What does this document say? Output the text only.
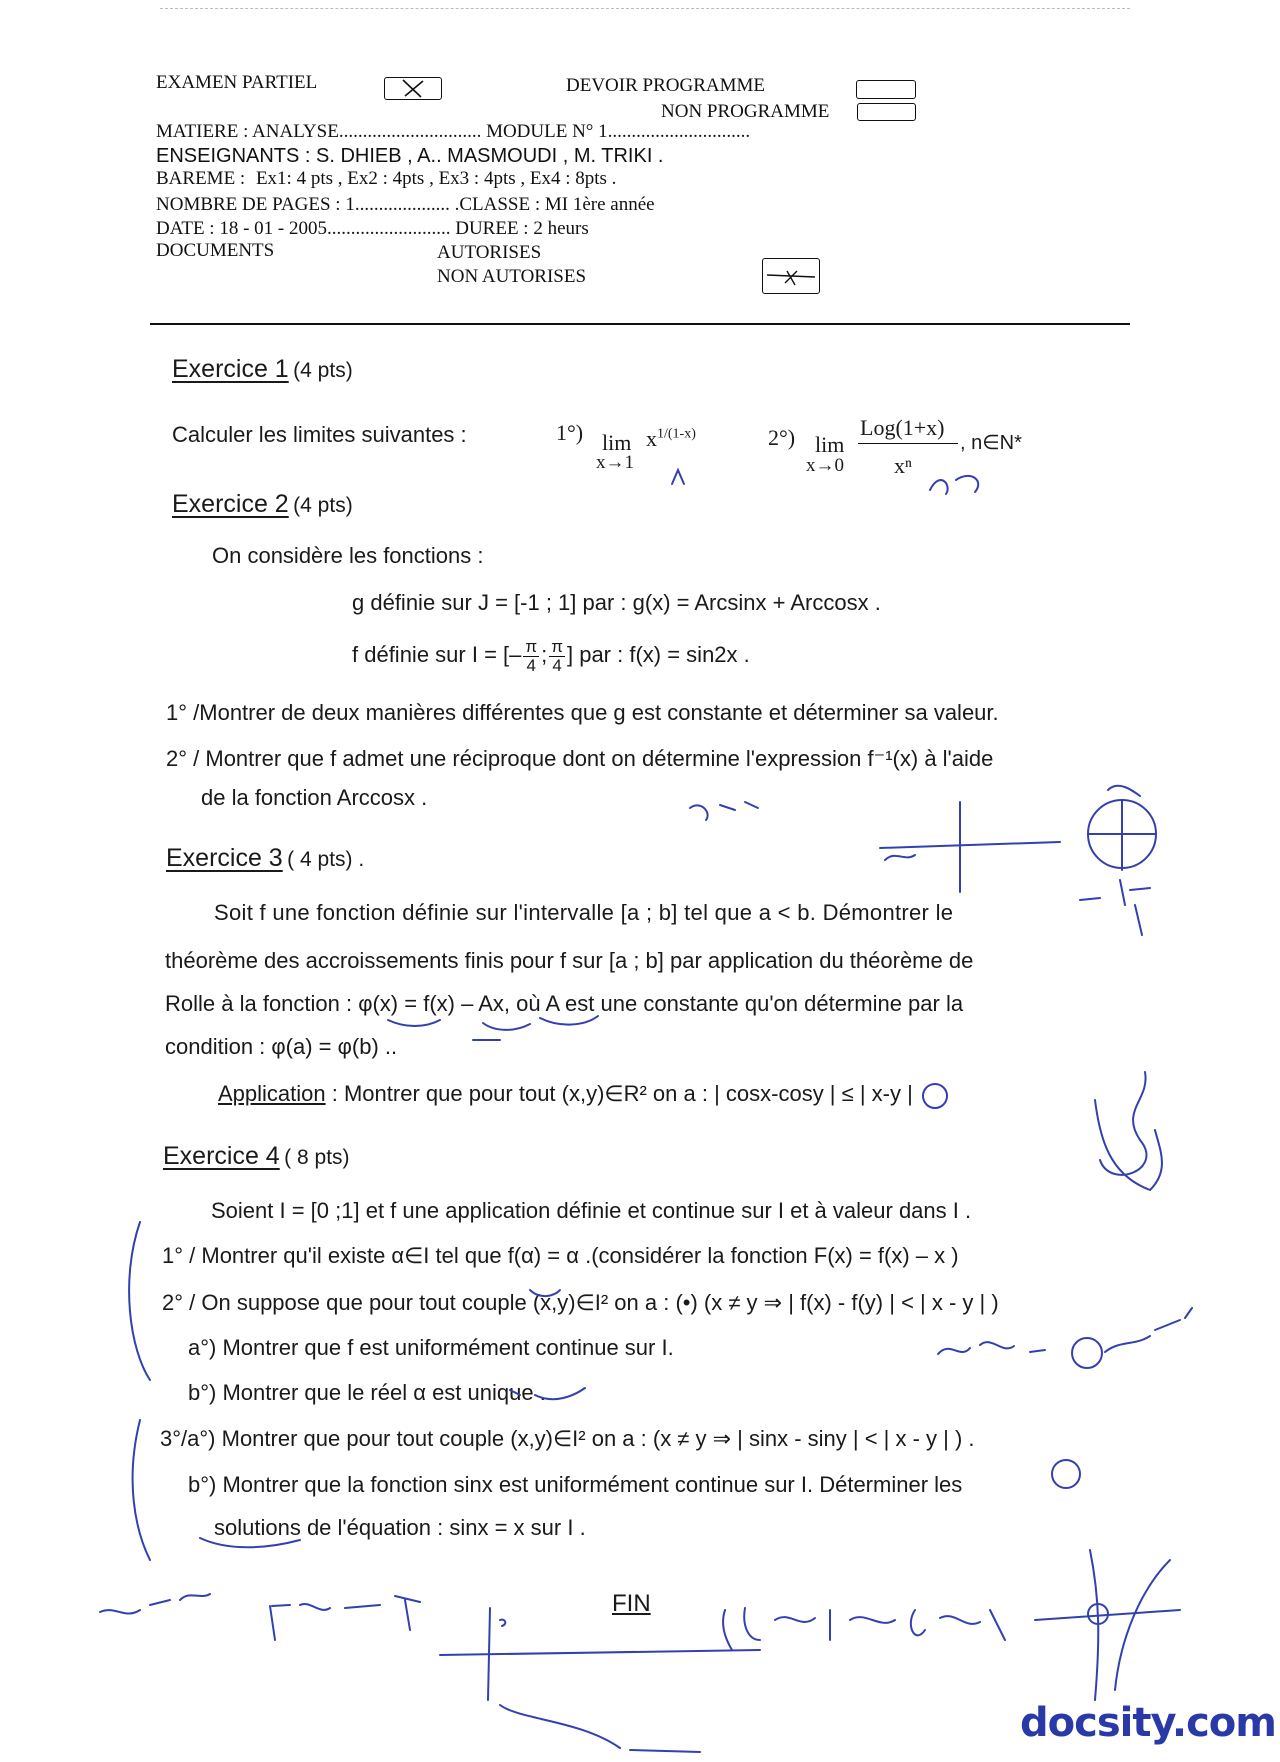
EXAMEN PARTIEL	DEVOIR PROGRAMME
NON PROGRAMME
MATIERE : ANALYSE.............................. MODULE N° 1..............................
ENSEIGNANTS : S. DHIEB , A.. MASMOUDI , M. TRIKI .
BAREME : Ex1: 4 pts , Ex2 : 4pts , Ex3 : 4pts , Ex4 : 8pts .
NOMBRE DE PAGES : 1.................... .CLASSE : MI 1ère année
DATE : 18 - 01 - 2005.......................... DUREE : 2 heurs
DOCUMENTS	AUTORISES
NON AUTORISES
Exercice 1 (4 pts)
Calculer les limites suivantes :	1°) lim
x→1
$x^{1/(1-x)}$	2°) lim
x→0
Log(1+x)
xⁿ
, n∈N*
Exercice 2 (4 pts)
On considère les fonctions :
g définie sur J = [-1 ; 1] par : g(x) = Arcsinx + Arccosx .
f définie sur I = [– $\frac{\pi}{4}$ ; $\frac{\pi}{4}$ ] par : f(x) = sin2x .
1° /Montrer de deux manières différentes que g est constante et déterminer sa valeur.
2° / Montrer que f admet une réciproque dont on détermine l'expression f⁻¹(x) à l'aide
de la fonction Arccosx .
Exercice 3 ( 4 pts) .
Soit f une fonction définie sur l'intervalle [a ; b] tel que a < b. Démontrer le
théorème des accroissements finis pour f sur [a ; b] par application du théorème de
Rolle à la fonction : φ(x) = f(x) – Ax, où A est une constante qu'on détermine par la
condition : φ(a) = φ(b) ..
Application : Montrer que pour tout (x,y)∈R² on a : | cosx-cosy | ≤ | x-y |
Exercice 4 ( 8 pts)
Soient I = [0 ;1] et f une application définie et continue sur I et à valeur dans I .
1° / Montrer qu'il existe α∈I tel que f(α) = α .(considérer la fonction F(x) = f(x) – x )
2° / On suppose que pour tout couple (x,y)∈I² on a : (•) (x ≠ y ⇒ | f(x) - f(y) | < | x - y | )
a°) Montrer que f est uniformément continue sur I.
b°) Montrer que le réel α est unique .
3°/a°) Montrer que pour tout couple (x,y)∈I² on a : (x ≠ y ⇒ | sinx - siny | < | x - y | ) .
b°) Montrer que la fonction sinx est uniformément continue sur I. Déterminer les
solutions de l'équation : sinx = x sur I .
FIN
docsity.com
